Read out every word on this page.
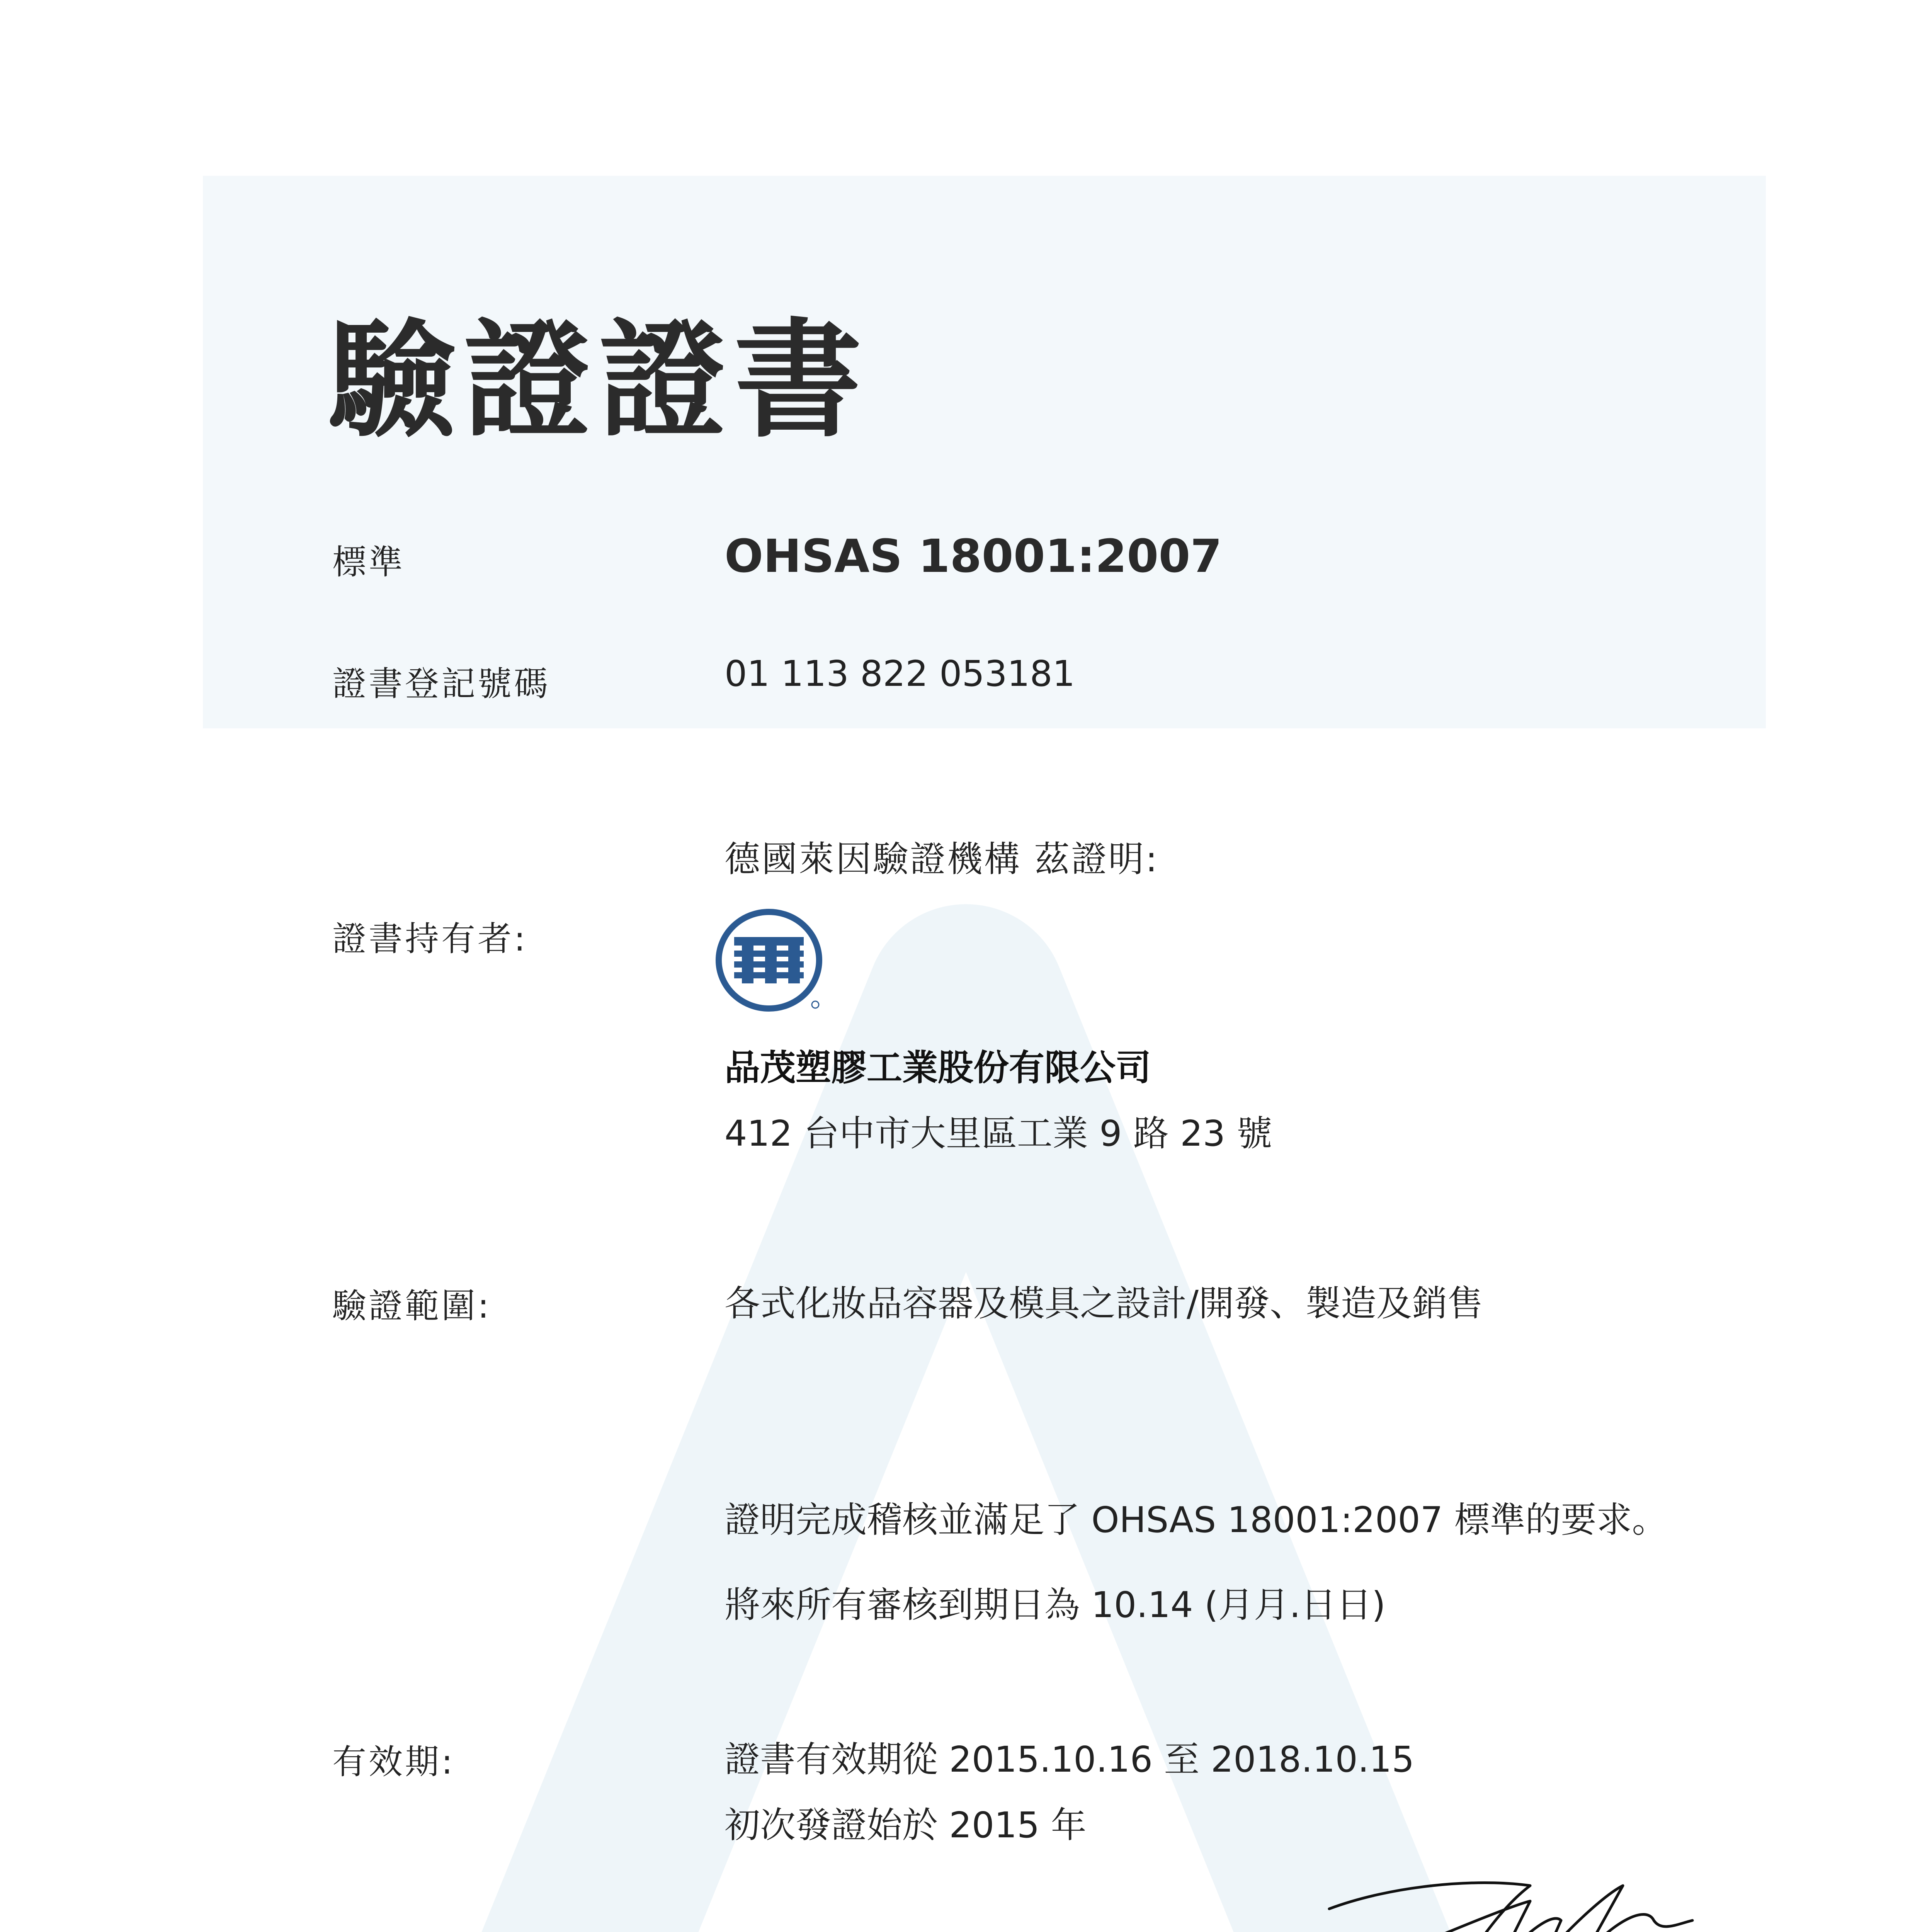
驗證證書
標準	OHSAS 18001:2007
證書登記號碼	01 113 822 053181
德國萊因驗證機構 茲證明:
證書持有者:
品茂塑膠工業股份有限公司
412 台中市大里區工業 9 路 23 號
驗證範圍:	各式化妝品容器及模具之設計/開發、製造及銷售
證明完成稽核並滿足了 OHSAS 18001:2007 標準的要求。
將來所有審核到期日為 10.14 (月月.日日)
有效期:	證書有效期從 2015.10.16 至 2018.10.15
初次發證始於 2015 年
